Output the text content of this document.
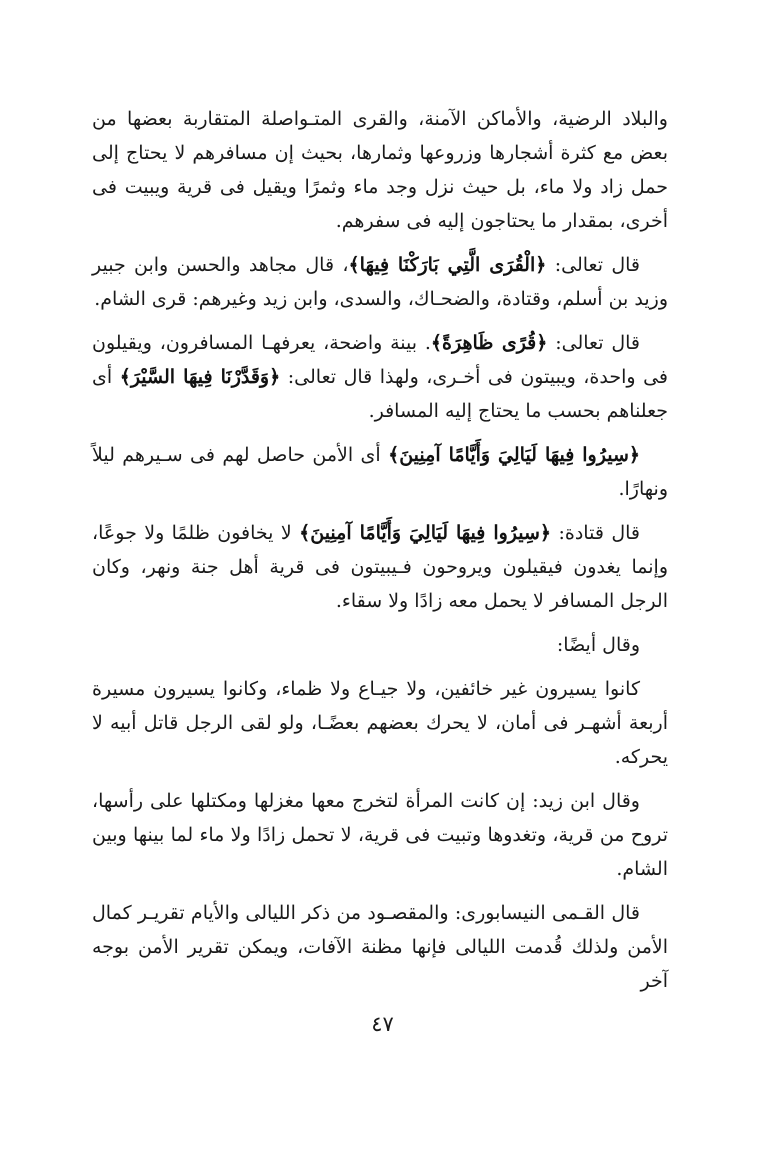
والبلاد الرضية، والأماكن الآمنة، والقرى المتـواصلة المتقاربة بعضها من بعض مع كثرة أشجارها وزروعها وثمارها، بحيث إن مسافرهم لا يحتاج إلى حمل زاد ولا ماء، بل حيث نزل وجد ماء وثمرًا ويقيل فى قرية ويبيت فى أخرى، بمقدار ما يحتاجون إليه فى سفرهم.

قال تعالى: ﴿الْقُرَى الَّتِي بَارَكْنَا فِيهَا﴾، قال مجاهد والحسن وابن جبير وزيد بن أسلم، وقتادة، والضحـاك، والسدى، وابن زيد وغيرهم: قرى الشام.

قال تعالى: ﴿قُرًى ظَاهِرَةً﴾. بينة واضحة، يعرفهـا المسافرون، ويقيلون فى واحدة، ويبيتون فى أخـرى، ولهذا قال تعالى: ﴿وَقَدَّرْنَا فِيهَا السَّيْرَ﴾ أى جعلناهم بحسب ما يحتاج إليه المسافر.

﴿سِيرُوا فِيهَا لَيَالِيَ وَأَيَّامًا آمِنِينَ﴾ أى الأمن حاصل لهم فى سـيرهم ليلاً ونهارًا.

قال قتادة: ﴿سِيرُوا فِيهَا لَيَالِيَ وَأَيَّامًا آمِنِينَ﴾ لا يخافون ظلمًا ولا جوعًا، وإنما يغدون فيقيلون ويروحون فـيبيتون فى قرية أهل جنة ونهر، وكان الرجل المسافر لا يحمل معه زادًا ولا سقاء.

وقال أيضًا:

كانوا يسيرون غير خائفين، ولا جيـاع ولا ظماء، وكانوا يسيرون مسيرة أربعة أشهـر فى أمان، لا يحرك بعضهم بعضًـا، ولو لقى الرجل قاتل أبيه لا يحركه.

وقال ابن زيد: إن كانت المرأة لتخرج معها مغزلها ومكتلها على رأسها، تروح من قرية، وتغدوها وتبيت فى قرية، لا تحمل زادًا ولا ماء لما بينها وبين الشام.

قال القـمى النيسابورى: والمقصـود من ذكر الليالى والأيام تقريـر كمال الأمن ولذلك قُدمت الليالى فإنها مظنة الآفات، ويمكن تقرير الأمن بوجه آخر

٤٧
